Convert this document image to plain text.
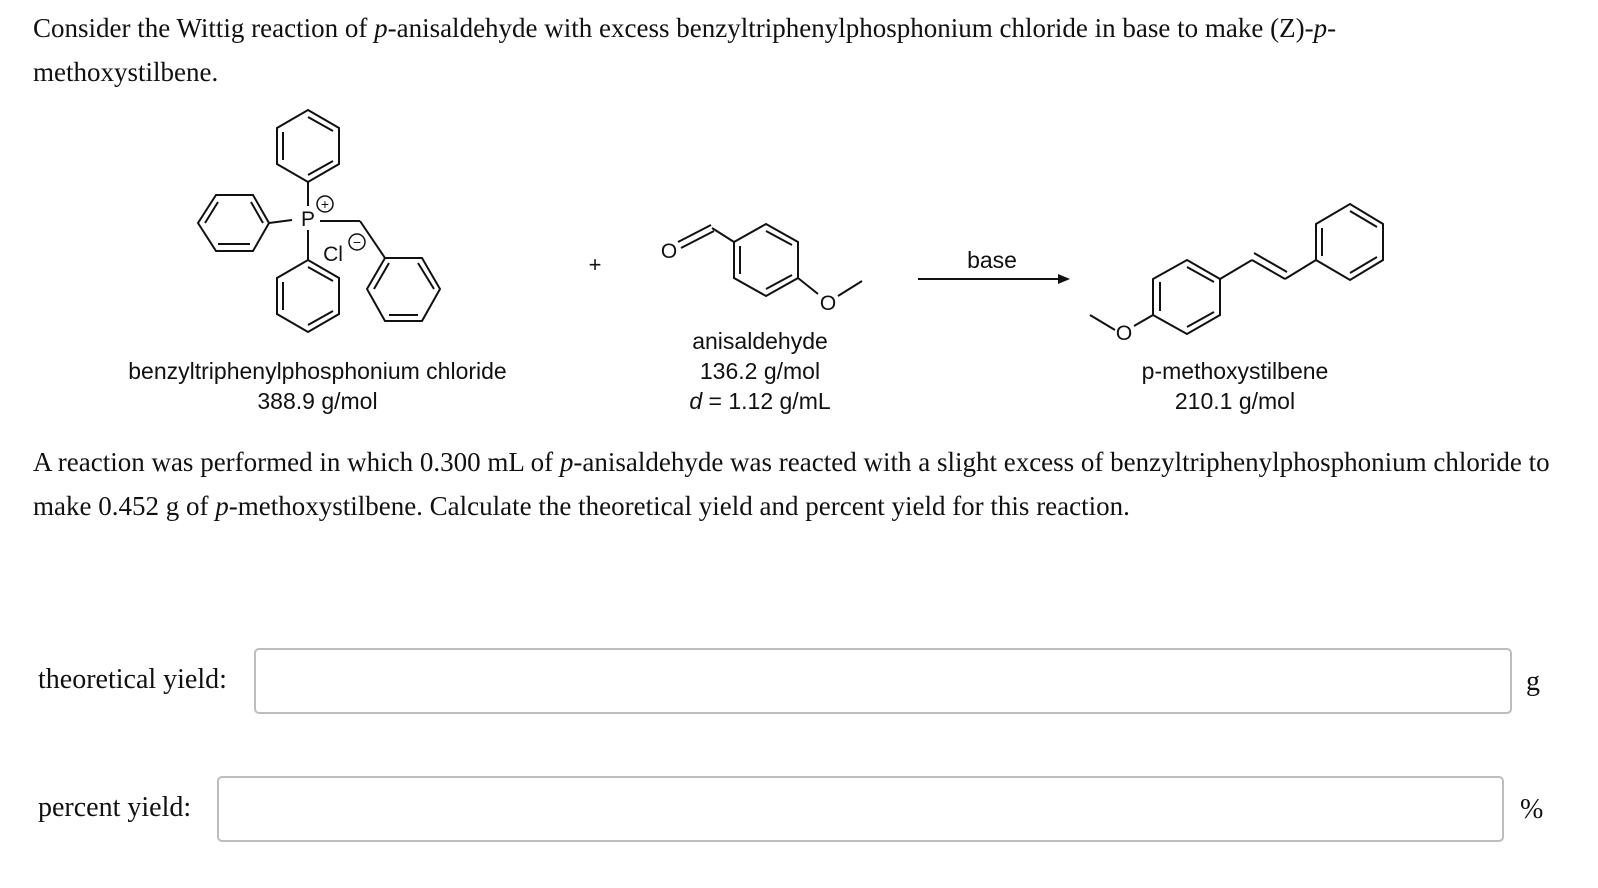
Consider the Wittig reaction of p-anisaldehyde with excess benzyltriphenylphosphonium chloride in base to make (Z)-p-methoxystilbene.

P
Cl	O
O
O
+
−
+	base
benzyltriphenylphosphonium chloride
388.9 g/mol
anisaldehyde
136.2 g/mol
d = 1.12 g/mL
p-methoxystilbene
210.1 g/mol

A reaction was performed in which 0.300 mL of p-anisaldehyde was reacted with a slight excess of benzyltriphenylphosphonium chloride to make 0.452 g of p-methoxystilbene. Calculate the theoretical yield and percent yield for this reaction.

theoretical yield:	g
percent yield:	%
